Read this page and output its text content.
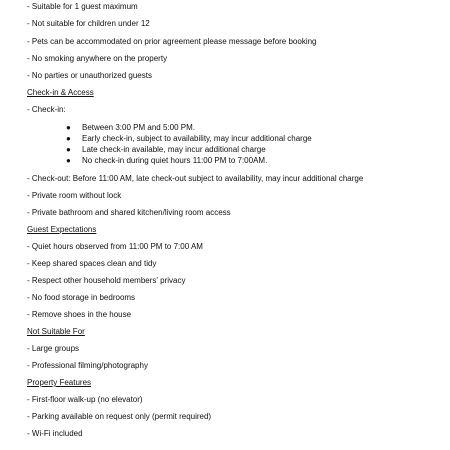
- Suitable for 1 guest maximum
- Not suitable for children under 12
- Pets can be accommodated on prior agreement please message before booking
- No smoking anywhere on the property
- No parties or unauthorized guests
Check-in & Access
- Check-in:
● Between 3:00 PM and 5:00 PM.
● Early check-in, subject to availability, may incur additional charge
● Late check-in available, may incur additional charge
● No check-in during quiet hours 11:00 PM to 7:00AM.
- Check-out: Before 11:00 AM, late check-out subject to availability, may incur additional charge
- Private room without lock
- Private bathroom and shared kitchen/living room access
Guest Expectations
- Quiet hours observed from 11:00 PM to 7:00 AM
- Keep shared spaces clean and tidy
- Respect other household members' privacy
- No food storage in bedrooms
- Remove shoes in the house
Not Suitable For
- Large groups
- Professional filming/photography
Property Features
- First-floor walk-up (no elevator)
- Parking available on request only (permit required)
- Wi-Fi included
